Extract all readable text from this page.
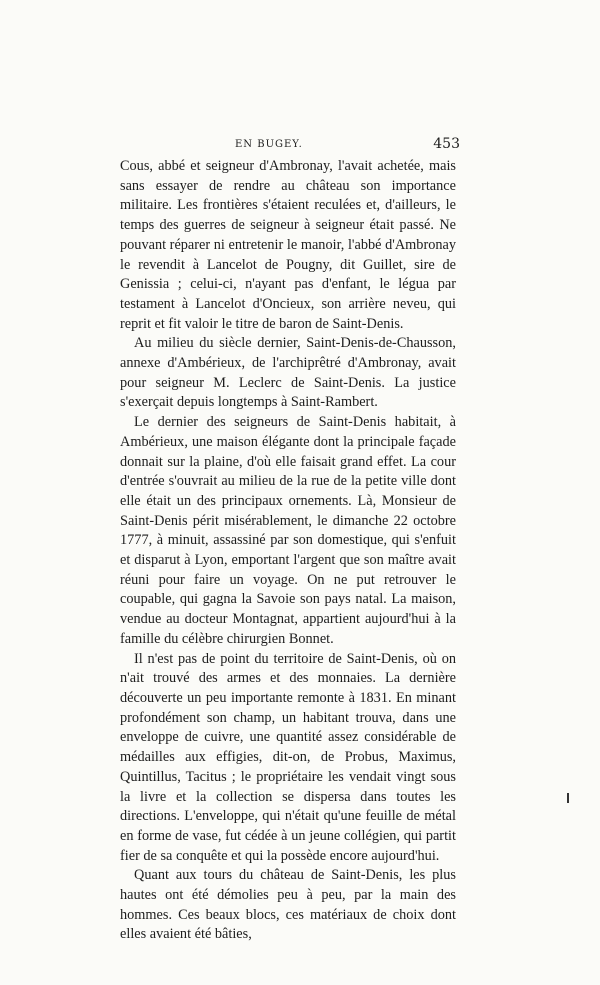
EN BUGEY.	453

Cous, abbé et seigneur d'Ambronay, l'avait achetée, mais sans essayer de rendre au château son importance militaire. Les frontières s'étaient reculées et, d'ailleurs, le temps des guerres de seigneur à seigneur était passé. Ne pouvant réparer ni entretenir le manoir, l'abbé d'Ambronay le revendit à Lancelot de Pougny, dit Guillet, sire de Genissia ; celui-ci, n'ayant pas d'enfant, le légua par testament à Lancelot d'Oncieux, son arrière neveu, qui reprit et fit valoir le titre de baron de Saint-Denis.

Au milieu du siècle dernier, Saint-Denis-de-Chausson, annexe d'Ambérieux, de l'archiprêtré d'Ambronay, avait pour seigneur M. Leclerc de Saint-Denis. La justice s'exerçait depuis longtemps à Saint-Rambert.

Le dernier des seigneurs de Saint-Denis habitait, à Ambérieux, une maison élégante dont la principale façade donnait sur la plaine, d'où elle faisait grand effet. La cour d'entrée s'ouvrait au milieu de la rue de la petite ville dont elle était un des principaux ornements. Là, Monsieur de Saint-Denis périt misérablement, le dimanche 22 octobre 1777, à minuit, assassiné par son domestique, qui s'enfuit et disparut à Lyon, emportant l'argent que son maître avait réuni pour faire un voyage. On ne put retrouver le coupable, qui gagna la Savoie son pays natal. La maison, vendue au docteur Montagnat, appartient aujourd'hui à la famille du célèbre chirurgien Bonnet.

Il n'est pas de point du territoire de Saint-Denis, où on n'ait trouvé des armes et des monnaies. La dernière découverte un peu importante remonte à 1831. En minant profondément son champ, un habitant trouva, dans une enveloppe de cuivre, une quantité assez considérable de médailles aux effigies, dit-on, de Probus, Maximus, Quintillus, Tacitus ; le propriétaire les vendait vingt sous la livre et la collection se dispersa dans toutes les directions. L'enveloppe, qui n'était qu'une feuille de métal en forme de vase, fut cédée à un jeune collégien, qui partit fier de sa conquête et qui la possède encore aujourd'hui.

Quant aux tours du château de Saint-Denis, les plus hautes ont été démolies peu à peu, par la main des hommes. Ces beaux blocs, ces matériaux de choix dont elles avaient été bâties,
